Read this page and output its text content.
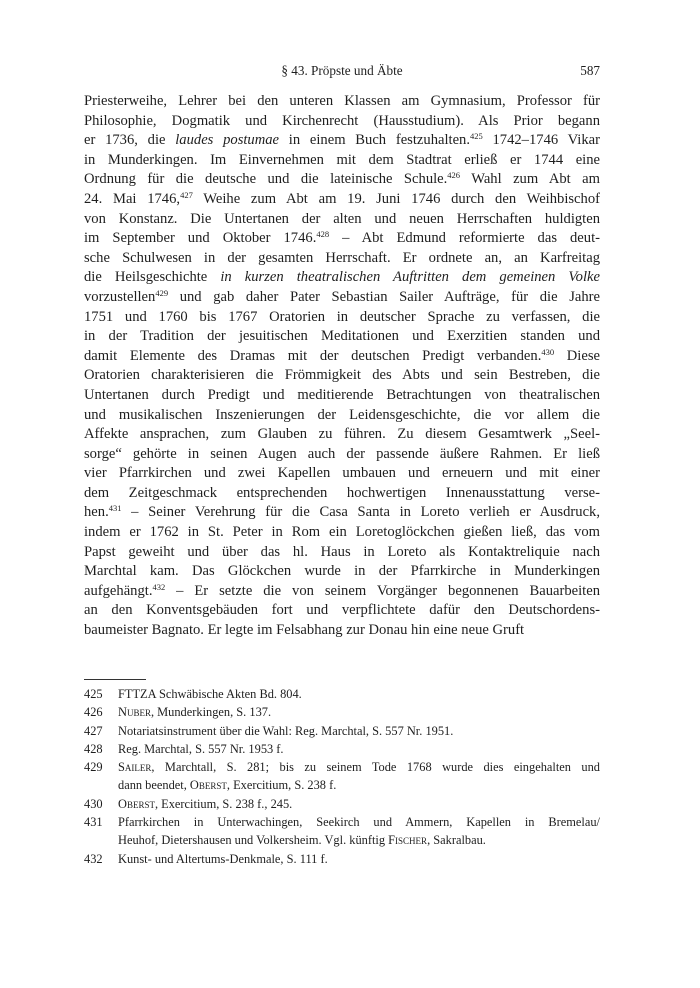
§ 43. Pröpste und Äbte	587
Priesterweihe, Lehrer bei den unteren Klassen am Gymnasium, Professor für
Philosophie, Dogmatik und Kirchenrecht (Hausstudium). Als Prior begann
er 1736, die laudes postumae in einem Buch festzuhalten.$^{425}$ 1742–1746 Vikar
in Munderkingen. Im Einvernehmen mit dem Stadtrat erließ er 1744 eine
Ordnung für die deutsche und die lateinische Schule.$^{426}$ Wahl zum Abt am
24. Mai 1746,$^{427}$ Weihe zum Abt am 19. Juni 1746 durch den Weihbischof
von Konstanz. Die Untertanen der alten und neuen Herrschaften huldigten
im September und Oktober 1746.$^{428}$ – Abt Edmund reformierte das deut-
sche Schulwesen in der gesamten Herrschaft. Er ordnete an, an Karfreitag
die Heilsgeschichte in kurzen theatralischen Auftritten dem gemeinen Volke
vorzustellen$^{429}$ und gab daher Pater Sebastian Sailer Aufträge, für die Jahre
1751 und 1760 bis 1767 Oratorien in deutscher Sprache zu verfassen, die
in der Tradition der jesuitischen Meditationen und Exerzitien standen und
damit Elemente des Dramas mit der deutschen Predigt verbanden.$^{430}$ Diese
Oratorien charakterisieren die Frömmigkeit des Abts und sein Bestreben, die
Untertanen durch Predigt und meditierende Betrachtungen von theatralischen
und musikalischen Inszenierungen der Leidensgeschichte, die vor allem die
Affekte ansprachen, zum Glauben zu führen. Zu diesem Gesamtwerk „Seel-
sorge“ gehörte in seinen Augen auch der passende äußere Rahmen. Er ließ
vier Pfarrkirchen und zwei Kapellen umbauen und erneuern und mit einer
dem Zeitgeschmack entsprechenden hochwertigen Innenausstattung verse-
hen.$^{431}$ – Seiner Verehrung für die Casa Santa in Loreto verlieh er Ausdruck,
indem er 1762 in St. Peter in Rom ein Loretoglöckchen gießen ließ, das vom
Papst geweiht und über das hl. Haus in Loreto als Kontaktreliquie nach
Marchtal kam. Das Glöckchen wurde in der Pfarrkirche in Munderkingen
aufgehängt.$^{432}$ – Er setzte die von seinem Vorgänger begonnenen Bauarbeiten
an den Konventsgebäuden fort und verpflichtete dafür den Deutschordens-
baumeister Bagnato. Er legte im Felsabhang zur Donau hin eine neue Gruft
425	FTTZA Schwäbische Akten Bd. 804.
426	Nuber, Munderkingen, S. 137.
427	Notariatsinstrument über die Wahl: Reg. Marchtal, S. 557 Nr. 1951.
428	Reg. Marchtal, S. 557 Nr. 1953 f.
429	Sailer, Marchtall, S. 281; bis zu seinem Tode 1768 wurde dies eingehalten und
dann beendet, Oberst, Exercitium, S. 238 f.
430	Oberst, Exercitium, S. 238 f., 245.
431	Pfarrkirchen in Unterwachingen, Seekirch und Ammern, Kapellen in Bremelau/
Heuhof, Dietershausen und Volkersheim. Vgl. künftig Fischer, Sakralbau.
432	Kunst- und Altertums-Denkmale, S. 111 f.
